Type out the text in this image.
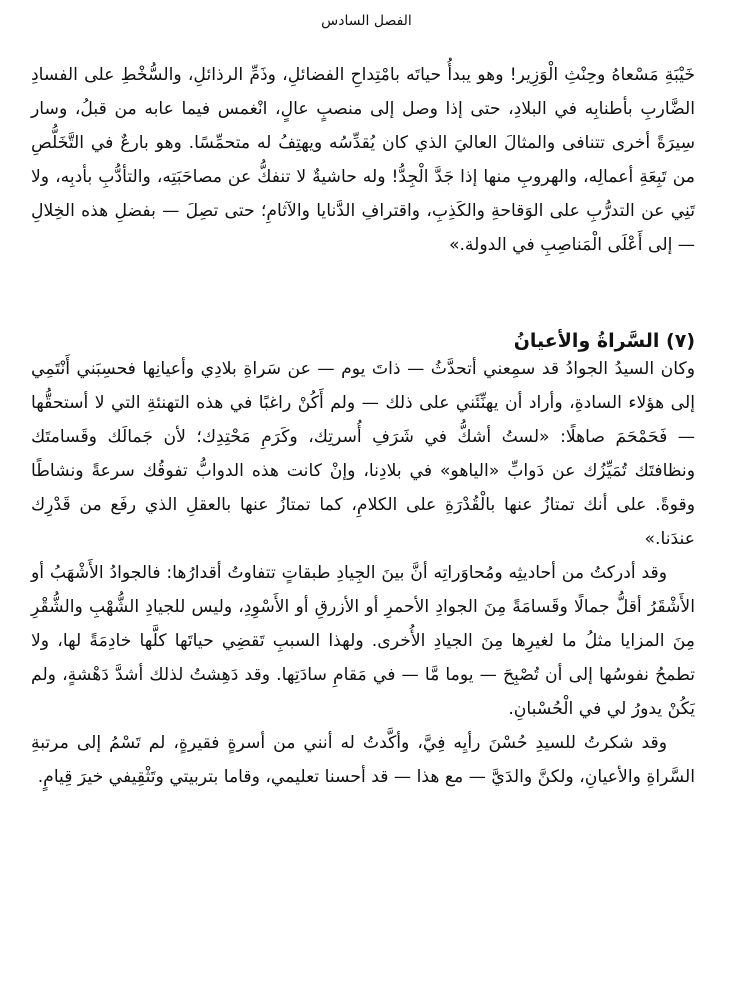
الفصل السادس

خَيْبَةِ مَسْعاهُ وحِنْثِ الْوَزِير! وهو يبدأُ حياتَه بامْتِداحِ الفضائلِ، وذَمِّ الرذائلِ، والسُّخْطِ على الفسادِ الضَّاربِ بأطنابِه في البلادِ، حتى إذا وصل إلى منصبٍ عالٍ، انْغمس فيما عابه من قبلُ، وسار سِيرَةً أخرى تتنافى والمثالَ العاليَ الذي كان يُقدِّسُه ويهتِفُ له متحمِّسًا. وهو بارعٌ في التَّخَلُّصِ من تَبِعَةِ أعمالِه، والهروبِ منها إذا جَدَّ الْجِدُّ! وله حاشيةٌ لا تنفكُّ عن مصاحَبَتِه، والتأدُّبِ بأدبِه، ولا تَنِي عن التدرُّبِ على الوَقاحةِ والكَذِبِ، واقترافِ الدَّنايا والآثامِ؛ حتى تصِلَ — بفضلِ هذه الخِلالِ — إلى أَعْلَى الْمَناصِبِ في الدولة.»

(٧) السَّراةُ والأعيانُ

وكان السيدُ الجوادُ قد سمِعني أتحدَّثُ — ذاتَ يوم — عن سَراةِ بلادِي وأعيانِها فحسِبَني أَنْتَمِي إلى هؤلاء السادةِ، وأراد أن يهنِّئَني على ذلك — ولم أَكُنْ راغبًا في هذه التهنئةِ التي لا أستحقُّها — فَحَمْحَمَ صاهلًا: «لستُ أشكُّ في شَرَفِ أُسرتِك، وكَرَمِ مَحْتِدِك؛ لأن جَمالَك وقَسامتَك ونظافتَك تُمَيِّزُك عن دَوابِّ «الياهو» في بلادِنا، وإنْ كانت هذه الدوابُّ تفوقُك سرعةً ونشاطًا وقوةً. على أنك تمتازُ عنها بالْقُدْرَةِ على الكلامِ، كما تمتازُ عنها بالعقلِ الذي رفَع من قَدْرِك عندَنا.»

وقد أدركتُ من أحاديثِه ومُحاوَراتِه أنَّ بينَ الجِيادِ طبقاتٍ تتفاوتُ أقدارُها: فالجوادُ الأَشْهَبُ أو الأَشْقَرُ أقلُّ جمالًا وقَسامَةً مِنَ الجوادِ الأحمرِ أو الأزرقِ أو الأَسْوِدِ، وليس للجيادِ الشُّهْبِ والشُّقْرِ مِنَ المزايا مثلُ ما لغيرِها مِنَ الجيادِ الأُخرى. ولهذا السببِ تَقضِي حياتَها كلَّها خادِمَةً لها، ولا تطمحُ نفوسُها إلى أن تُصْبِحَ — يوما مَّا — في مَقامِ سادَتِها. وقد دَهِشتُ لذلك أشدَّ دَهْشةٍ، ولم يَكُنْ يدورُ لي في الْحُسْبانِ.

وقد شكرتُ للسيدِ حُسْنَ رأيِه فِيَّ، وأكَّدتُ له أنني من أسرةٍ فقيرةٍ، لم تَسْمُ إلى مرتبةِ السَّراةِ والأعيانِ، ولكنَّ والدَيَّ — مع هذا — قد أحسنا تعليمي، وقاما بتربيتي وتَثْقِيفي خيرَ قِيامٍ.
